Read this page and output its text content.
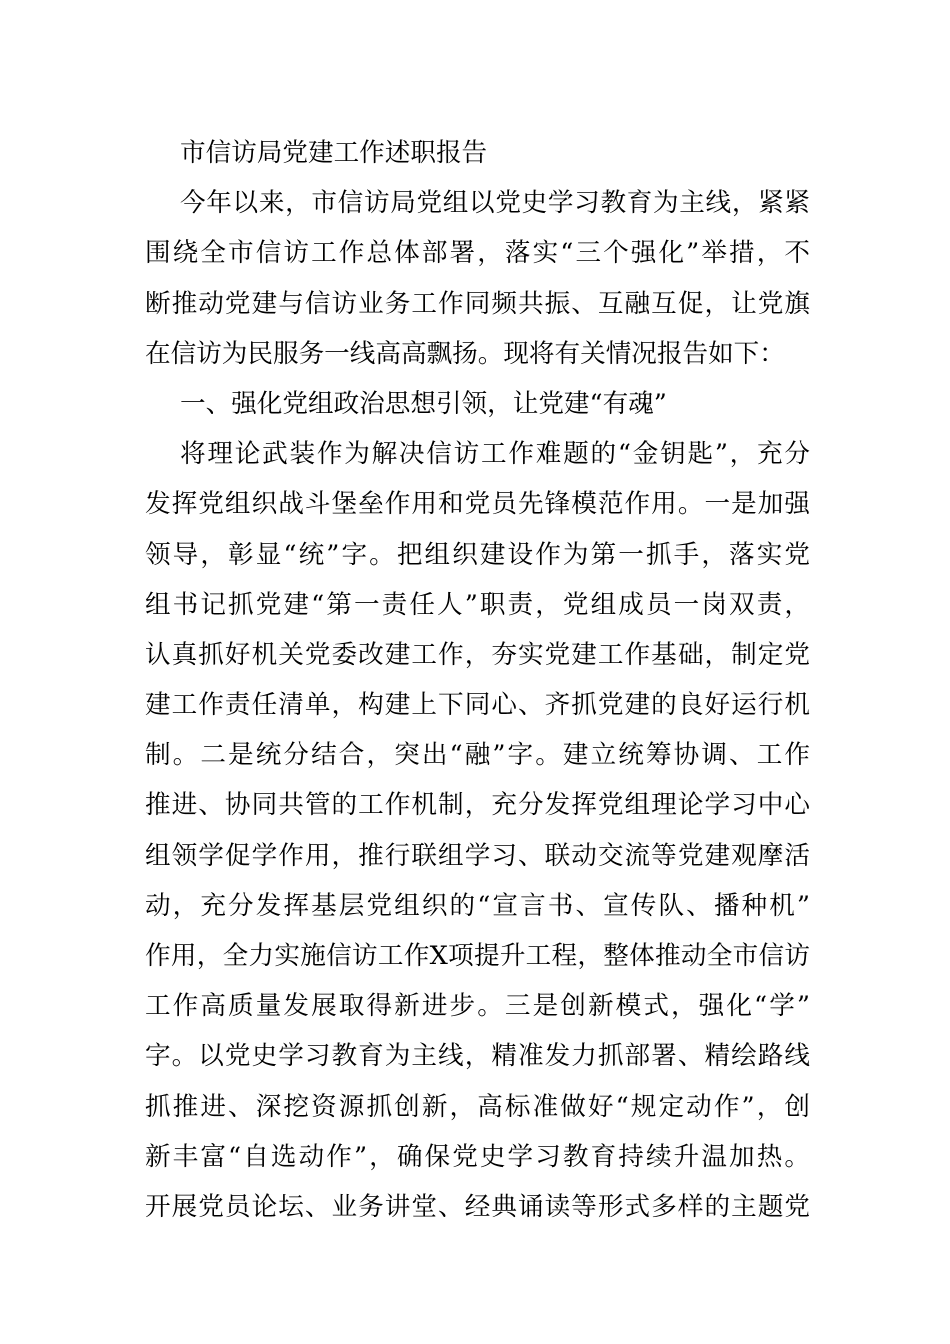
市信访局党建工作述职报告
今年以来，市信访局党组以党史学习教育为主线，紧紧
围绕全市信访工作总体部署，落实“三个强化”举措，不
断推动党建与信访业务工作同频共振、互融互促，让党旗
在信访为民服务一线高高飘扬。现将有关情况报告如下：
一、强化党组政治思想引领，让党建“有魂”
将理论武装作为解决信访工作难题的“金钥匙”，充分
发挥党组织战斗堡垒作用和党员先锋模范作用。一是加强
领导，彰显“统”字。把组织建设作为第一抓手，落实党
组书记抓党建“第一责任人”职责，党组成员一岗双责，
认真抓好机关党委改建工作，夯实党建工作基础，制定党
建工作责任清单，构建上下同心、齐抓党建的良好运行机
制。二是统分结合，突出“融”字。建立统筹协调、工作
推进、协同共管的工作机制，充分发挥党组理论学习中心
组领学促学作用，推行联组学习、联动交流等党建观摩活
动，充分发挥基层党组织的“宣言书、宣传队、播种机”
作用，全力实施信访工作X项提升工程，整体推动全市信访
工作高质量发展取得新进步。三是创新模式，强化“学”
字。以党史学习教育为主线，精准发力抓部署、精绘路线
抓推进、深挖资源抓创新，高标准做好“规定动作”，创
新丰富“自选动作”，确保党史学习教育持续升温加热。
开展党员论坛、业务讲堂、经典诵读等形式多样的主题党
